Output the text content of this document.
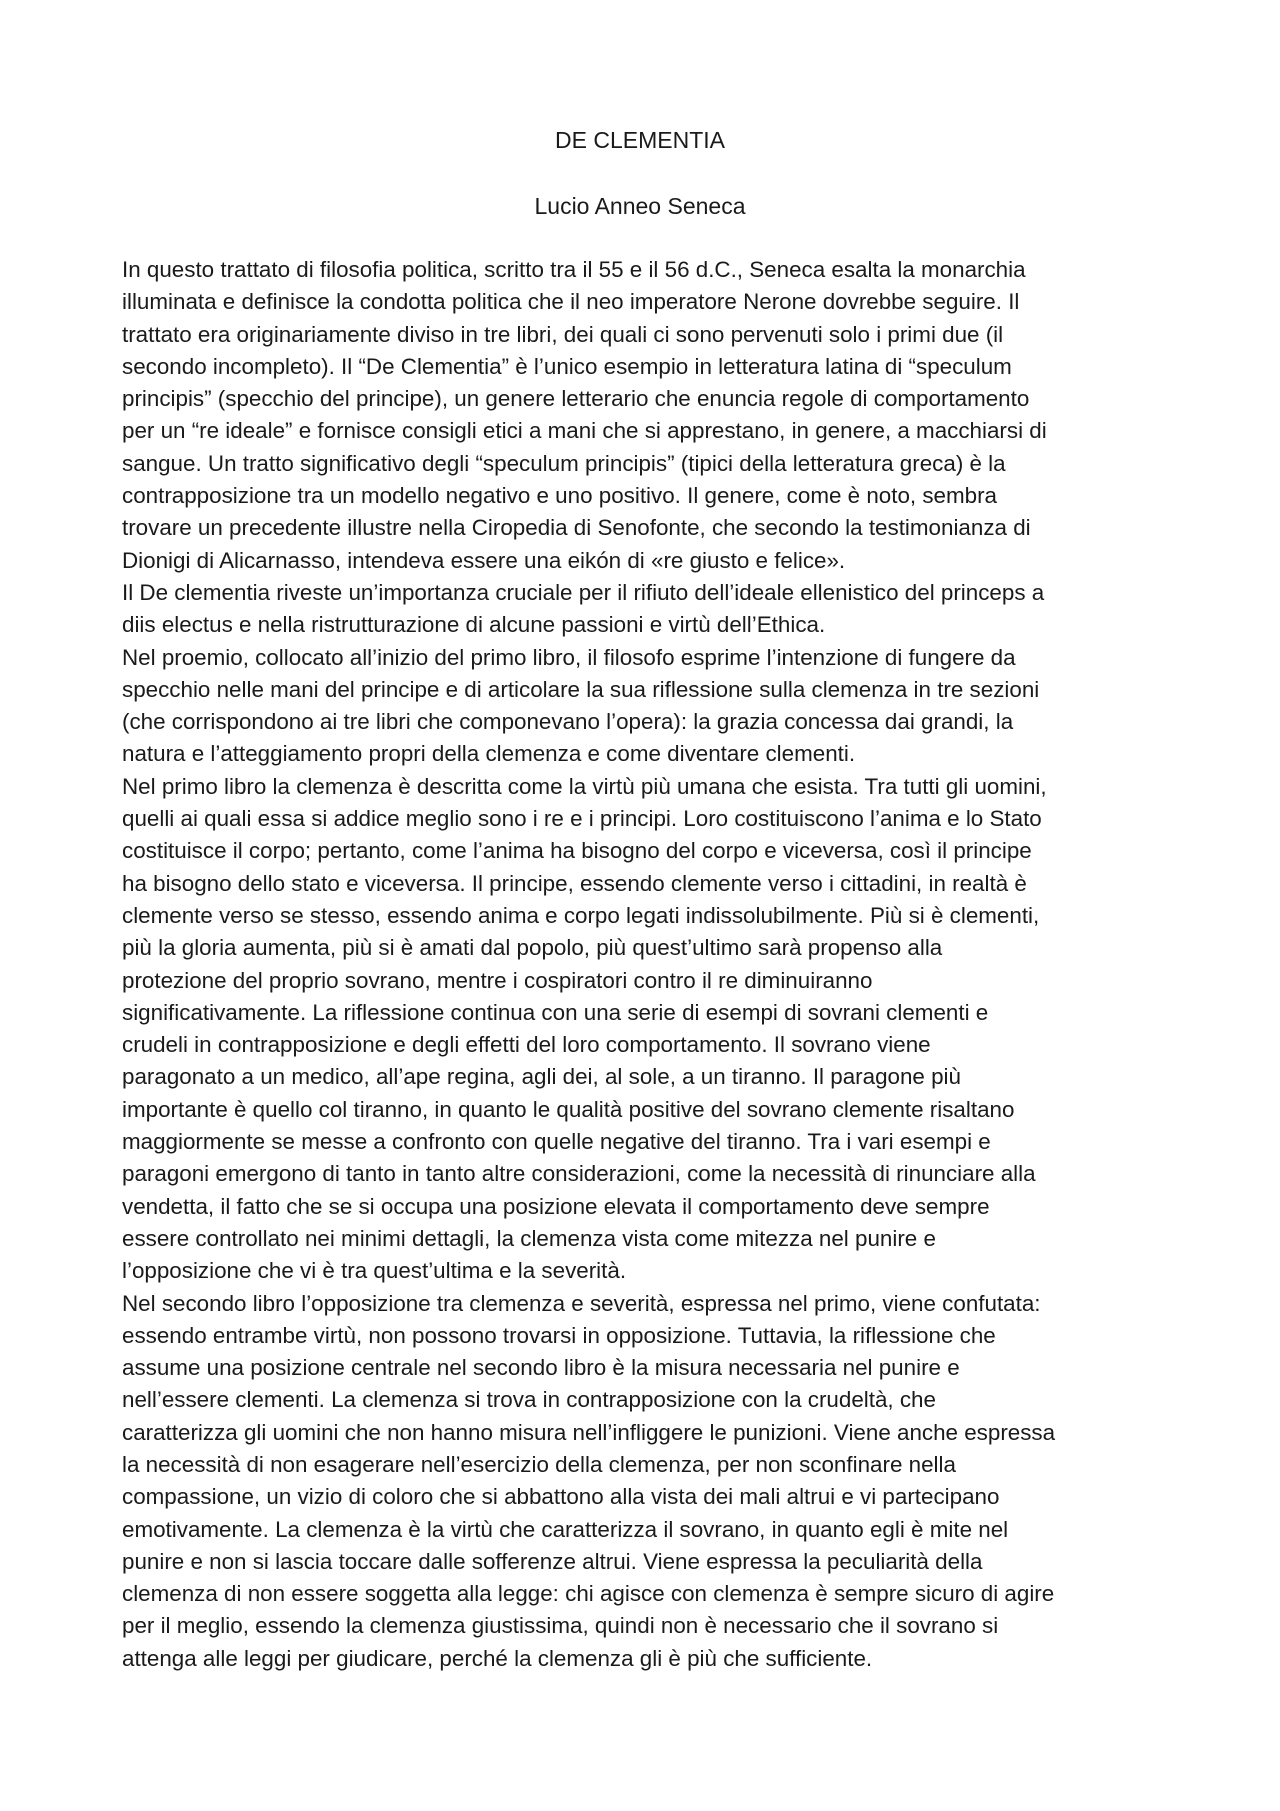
DE CLEMENTIA
Lucio Anneo Seneca

In questo trattato di filosofia politica, scritto tra il 55 e il 56 d.C., Seneca esalta la monarchia
illuminata e definisce la condotta politica che il neo imperatore Nerone dovrebbe seguire. Il
trattato era originariamente diviso in tre libri, dei quali ci sono pervenuti solo i primi due (il
secondo incompleto). Il “De Clementia” è l’unico esempio in letteratura latina di “speculum
principis” (specchio del principe), un genere letterario che enuncia regole di comportamento
per un “re ideale” e fornisce consigli etici a mani che si apprestano, in genere, a macchiarsi di
sangue. Un tratto significativo degli “speculum principis” (tipici della letteratura greca) è la
contrapposizione tra un modello negativo e uno positivo. Il genere, come è noto, sembra
trovare un precedente illustre nella Ciropedia di Senofonte, che secondo la testimonianza di
Dionigi di Alicarnasso, intendeva essere una eikón di «re giusto e felice».

Il De clementia riveste un’importanza cruciale per il rifiuto dell’ideale ellenistico del princeps a
diis electus e nella ristrutturazione di alcune passioni e virtù dell’Ethica.

Nel proemio, collocato all’inizio del primo libro, il filosofo esprime l’intenzione di fungere da
specchio nelle mani del principe e di articolare la sua riflessione sulla clemenza in tre sezioni
(che corrispondono ai tre libri che componevano l’opera): la grazia concessa dai grandi, la
natura e l’atteggiamento propri della clemenza e come diventare clementi.

Nel primo libro la clemenza è descritta come la virtù più umana che esista. Tra tutti gli uomini,
quelli ai quali essa si addice meglio sono i re e i principi. Loro costituiscono l’anima e lo Stato
costituisce il corpo; pertanto, come l’anima ha bisogno del corpo e viceversa, così il principe
ha bisogno dello stato e viceversa. Il principe, essendo clemente verso i cittadini, in realtà è
clemente verso se stesso, essendo anima e corpo legati indissolubilmente. Più si è clementi,
più la gloria aumenta, più si è amati dal popolo, più quest’ultimo sarà propenso alla
protezione del proprio sovrano, mentre i cospiratori contro il re diminuiranno
significativamente. La riflessione continua con una serie di esempi di sovrani clementi e
crudeli in contrapposizione e degli effetti del loro comportamento. Il sovrano viene
paragonato a un medico, all’ape regina, agli dei, al sole, a un tiranno. Il paragone più
importante è quello col tiranno, in quanto le qualità positive del sovrano clemente risaltano
maggiormente se messe a confronto con quelle negative del tiranno. Tra i vari esempi e
paragoni emergono di tanto in tanto altre considerazioni, come la necessità di rinunciare alla
vendetta, il fatto che se si occupa una posizione elevata il comportamento deve sempre
essere controllato nei minimi dettagli, la clemenza vista come mitezza nel punire e
l’opposizione che vi è tra quest’ultima e la severità.

Nel secondo libro l’opposizione tra clemenza e severità, espressa nel primo, viene confutata:
essendo entrambe virtù, non possono trovarsi in opposizione. Tuttavia, la riflessione che
assume una posizione centrale nel secondo libro è la misura necessaria nel punire e
nell’essere clementi. La clemenza si trova in contrapposizione con la crudeltà, che
caratterizza gli uomini che non hanno misura nell’infliggere le punizioni. Viene anche espressa
la necessità di non esagerare nell’esercizio della clemenza, per non sconfinare nella
compassione, un vizio di coloro che si abbattono alla vista dei mali altrui e vi partecipano
emotivamente. La clemenza è la virtù che caratterizza il sovrano, in quanto egli è mite nel
punire e non si lascia toccare dalle sofferenze altrui. Viene espressa la peculiarità della
clemenza di non essere soggetta alla legge: chi agisce con clemenza è sempre sicuro di agire
per il meglio, essendo la clemenza giustissima, quindi non è necessario che il sovrano si
attenga alle leggi per giudicare, perché la clemenza gli è più che sufficiente.
